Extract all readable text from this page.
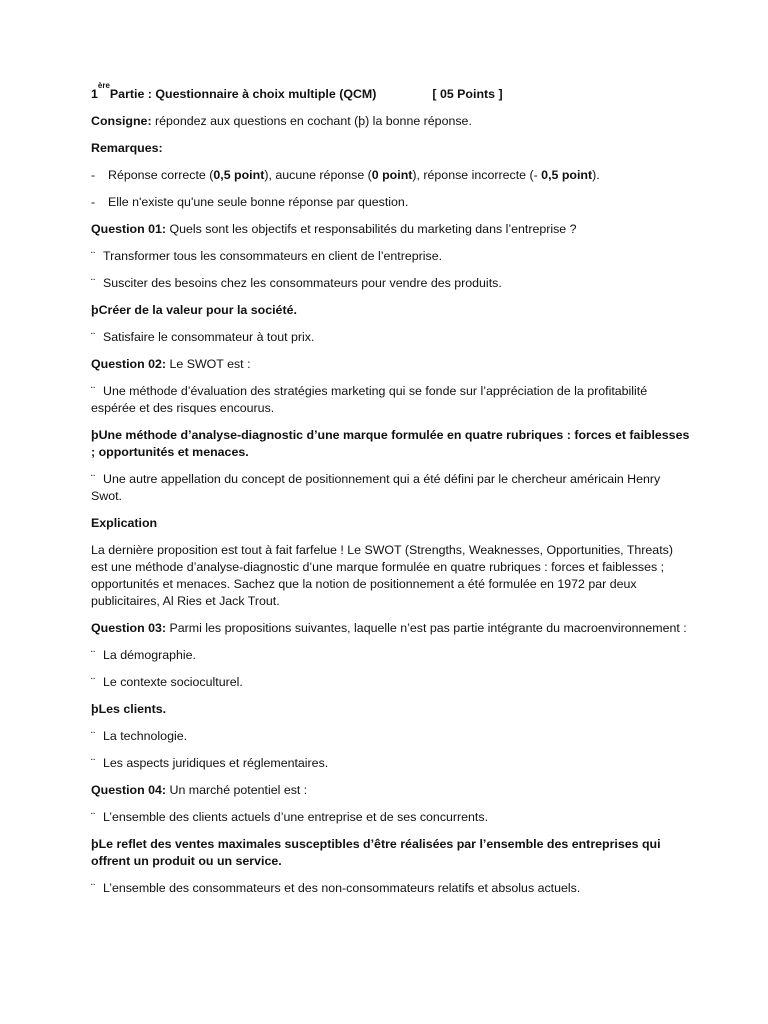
1
ère
Partie : Questionnaire à choix multiple (QCM)	[ 05 Points ]
Consigne: répondez aux questions en cochant (þ) la bonne réponse.
Remarques:
-	Réponse correcte (0,5 point), aucune réponse (0 point), réponse incorrecte (- 0,5 point).
-	Elle n'existe qu'une seule bonne réponse par question.
Question 01: Quels sont les objectifs et responsabilités du marketing dans l’entreprise ?
¨ Transformer tous les consommateurs en client de l’entreprise.
¨ Susciter des besoins chez les consommateurs pour vendre des produits.
þCréer de la valeur pour la société.
¨ Satisfaire le consommateur à tout prix.
Question 02: Le SWOT est :
¨ Une méthode d’évaluation des stratégies marketing qui se fonde sur l’appréciation de la profitabilité espérée et des risques encourus.
þUne méthode d’analyse-diagnostic d’une marque formulée en quatre rubriques : forces et faiblesses ; opportunités et menaces.
¨ Une autre appellation du concept de positionnement qui a été défini par le chercheur américain Henry Swot.
Explication
La dernière proposition est tout à fait farfelue ! Le SWOT (Strengths, Weaknesses, Opportunities, Threats) est une méthode d’analyse-diagnostic d’une marque formulée en quatre rubriques : forces et faiblesses ; opportunités et menaces. Sachez que la notion de positionnement a été formulée en 1972 par deux publicitaires, Al Ries et Jack Trout.
Question 03: Parmi les propositions suivantes, laquelle n’est pas partie intégrante du macroenvironnement :
¨ La démographie.
¨ Le contexte socioculturel.
þLes clients.
¨ La technologie.
¨ Les aspects juridiques et réglementaires.
Question 04: Un marché potentiel est :
¨ L’ensemble des clients actuels d’une entreprise et de ses concurrents.
þLe reflet des ventes maximales susceptibles d’être réalisées par l’ensemble des entreprises qui offrent un produit ou un service.
¨ L’ensemble des consommateurs et des non-consommateurs relatifs et absolus actuels.
